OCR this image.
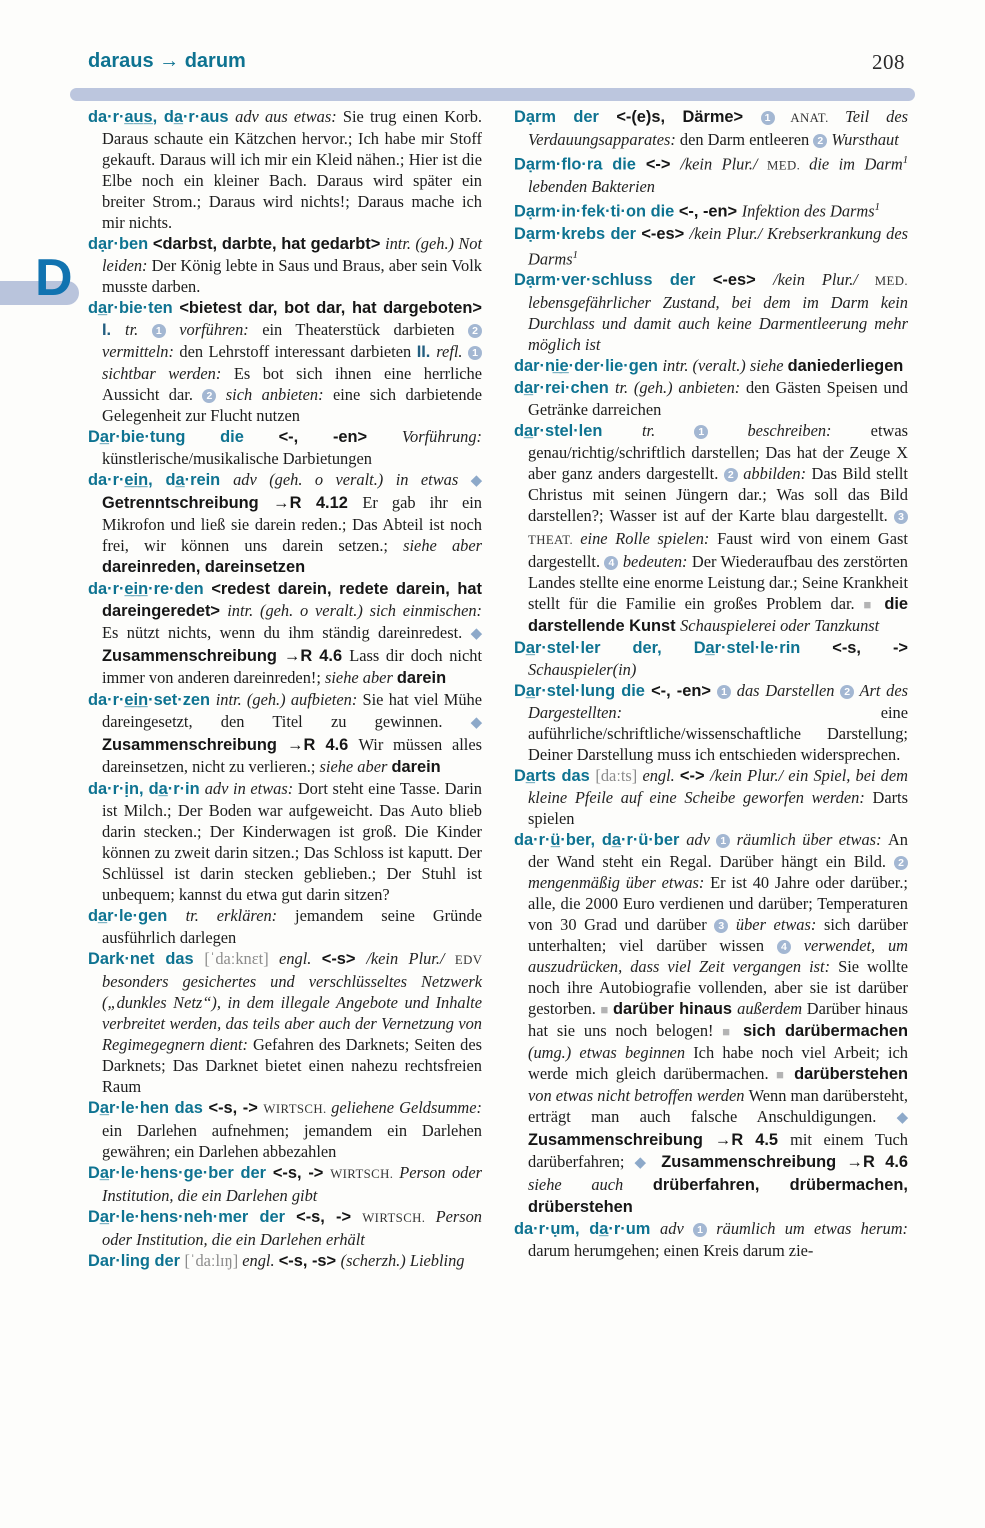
daraus → darum	208
D

da·r·a̲u̲s̲, da̲·r·aus adv aus etwas: Sie trug einen Korb. Daraus schaute ein Kätzchen hervor.; Ich habe mir Stoff gekauft. Daraus will ich mir ein Kleid nähen.; Hier ist die Elbe noch ein kleiner Bach. Daraus wird später ein breiter Strom.; Daraus wird nichts!; Daraus mache ich mir nichts.

dạr·ben <darbst, darbte, hat gedarbt> intr. (geh.) Not leiden: Der König lebte in Saus und Braus, aber sein Volk musste darben.

da̲r·bie·ten <bietest dar, bot dar, hat dargeboten> I. tr. 1 vorführen: ein Theaterstück darbieten 2 vermitteln: den Lehrstoff interessant darbieten II. refl. 1 sichtbar werden: Es bot sich ihnen eine herrliche Aussicht dar. 2 sich anbieten: eine sich darbietende Gelegenheit zur Flucht nutzen

Da̲r·bie·tung die <-, -en> Vorführung: künstlerische/musikalische Darbietungen

da·r·e̲i̲n̲, da̲·rein adv (geh. o veralt.) in etwas ◆ Getrenntschreibung →R 4.12 Er gab ihr ein Mikrofon und ließ sie darein reden.; Das Abteil ist noch frei, wir können uns darein setzen.; siehe aber dareinreden, dareinsetzen

da·r·e̲i̲n̲·re·den <redest darein, redete darein, hat dareingeredet> intr. (geh. o veralt.) sich einmischen: Es nützt nichts, wenn du ihm ständig dareinredest. ◆ Zusammenschreibung →R 4.6 Lass dir doch nicht immer von anderen dareinreden!; siehe aber darein

da·r·e̲i̲n̲·set·zen intr. (geh.) aufbieten: Sie hat viel Mühe dareingesetzt, den Titel zu gewinnen. ◆ Zusammenschreibung →R 4.6 Wir müssen alles dareinsetzen, nicht zu verlieren.; siehe aber darein

da·r·ịn, da̲·r·in adv in etwas: Dort steht eine Tasse. Darin ist Milch.; Der Boden war aufgeweicht. Das Auto blieb darin stecken.; Der Kinderwagen ist groß. Die Kinder können zu zweit darin sitzen.; Das Schloss ist kaputt. Der Schlüssel ist darin stecken geblieben.; Der Stuhl ist unbequem; kannst du etwa gut darin sitzen?

da̲r·le·gen tr. erklären: jemandem seine Gründe ausführlich darlegen

Dark·net das [ˈdaːknɛt] engl. <-s> /kein Plur./ EDV besonders gesichertes und verschlüsseltes Netzwerk („dunkles Netz“), in dem illegale Angebote und Inhalte verbreitet werden, das teils aber auch der Vernetzung von Regimegegnern dient: Gefahren des Darknets; Seiten des Darknets; Das Darknet bietet einen nahezu rechtsfreien Raum

Da̲r·le·hen das <-s, -> WIRTSCH. geliehene Geldsumme: ein Darlehen aufnehmen; jemandem ein Darlehen gewähren; ein Darlehen abbezahlen

Da̲r·le·hens·ge·ber der <-s, -> WIRTSCH. Person oder Institution, die ein Darlehen gibt

Da̲r·le·hens·neh·mer der <-s, -> WIRTSCH. Person oder Institution, die ein Darlehen erhält

Dar·ling der [ˈdaːlɪŋ] engl. <-s, -s> (scherzh.) Liebling

Dạrm der <-(e)s, Därme> 1 ANAT. Teil des Verdauungsapparates: den Darm entleeren 2 Wursthaut

Dạrm·flo·ra die <-> /kein Plur./ MED. die im Darm$^1$ lebenden Bakterien

Dạrm·in·fek·ti·on die <-, -en> Infektion des Darms$^1$

Dạrm·krebs der <-es> /kein Plur./ Krebserkrankung des Darms$^1$

Dạrm·ver·schluss der <-es> /kein Plur./ MED. lebensgefährlicher Zustand, bei dem im Darm kein Durchlass und damit auch keine Darmentleerung mehr möglich ist

dar·ni̲e̲·der·lie·gen intr. (veralt.) siehe daniederliegen

da̲r·rei·chen tr. (geh.) anbieten: den Gästen Speisen und Getränke darreichen

da̲r·stel·len tr. 1 beschreiben: etwas genau/richtig/schriftlich darstellen; Das hat der Zeuge X aber ganz anders dargestellt. 2 abbilden: Das Bild stellt Christus mit seinen Jüngern dar.; Was soll das Bild darstellen?; Wasser ist auf der Karte blau dargestellt. 3 THEAT. eine Rolle spielen: Faust wird von einem Gast dargestellt. 4 bedeuten: Der Wiederaufbau des zerstörten Landes stellte eine enorme Leistung dar.; Seine Krankheit stellt für die Familie ein großes Problem dar. ■ die darstellende Kunst Schauspielerei oder Tanzkunst

Da̲r·stel·ler der, Da̲r·stel·le·rin <-s, -> Schauspieler(in)

Da̲r·stel·lung die <-, -en> 1 das Darstellen 2 Art des Dargestellten: eine auführliche/schriftliche/wissenschaftliche Darstellung; Deiner Darstellung muss ich entschieden widersprechen.

Da̲rts das [daːts] engl. <-> /kein Plur./ ein Spiel, bei dem kleine Pfeile auf eine Scheibe geworfen werden: Darts spielen

da·r·ü̲·ber, da̲·r·ü·ber adv 1 räumlich über etwas: An der Wand steht ein Regal. Darüber hängt ein Bild. 2 mengenmäßig über etwas: Er ist 40 Jahre oder darüber.; alle, die 2000 Euro verdienen und darüber; Temperaturen von 30 Grad und darüber 3 über etwas: sich darüber unterhalten; viel darüber wissen 4 verwendet, um auszudrücken, dass viel Zeit vergangen ist: Sie wollte noch ihre Autobiografie vollenden, aber sie ist darüber gestorben. ■ darüber hinaus außerdem Darüber hinaus hat sie uns noch belogen! ■ sich darübermachen (umg.) etwas beginnen Ich habe noch viel Arbeit; ich werde mich gleich darübermachen. ■ darüberstehen von etwas nicht betroffen werden Wenn man darübersteht, erträgt man auch falsche Anschuldigungen. ◆ Zusammenschreibung →R 4.5 mit einem Tuch darüberfahren; ◆ Zusammenschreibung →R 4.6 siehe auch drüberfahren, drübermachen, drüberstehen

da·r·ụm, da̲·r·um adv 1 räumlich um etwas herum: darum herumgehen; einen Kreis darum zie-
